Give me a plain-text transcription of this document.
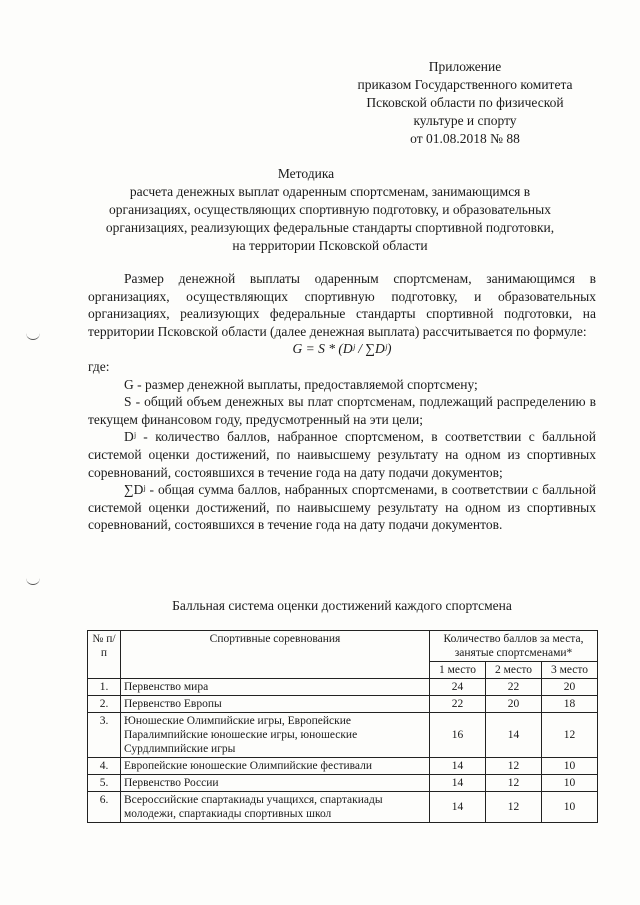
Приложение
приказом Государственного комитета
Псковской области по физической
культуре и спорту
от 01.08.2018 № 88
Методика
расчета денежных выплат одаренным спортсменам, занимающимся в
организациях, осуществляющих спортивную подготовку, и образовательных
организациях, реализующих федеральные стандарты спортивной подготовки,
на территории Псковской области

Размер денежной выплаты одаренным спортсменам, занимающимся в организациях, осуществляющих спортивную подготовку, и образовательных организациях, реализующих федеральные стандарты спортивной подготовки, на территории Псковской области (далее денежная выплата) рассчитывается по формуле:

G = S * (Dʲ / ∑Dʲ)

где:

G - размер денежной выплаты, предоставляемой спортсмену;

S - общий объем денежных вы плат спортсменам, подлежащий распределению в текущем финансовом году, предусмотренный на эти цели;

Dʲ - количество баллов, набранное спортсменом, в соответствии с балльной системой оценки достижений, по наивысшему результату на одном из спортивных соревнований, состоявшихся в течение года на дату подачи документов;

∑Dʲ - общая сумма баллов, набранных спортсменами, в соответствии с балльной системой оценки достижений, по наивысшему результату на одном из спортивных соревнований, состоявшихся в течение года на дату подачи документов.

Балльная система оценки достижений каждого спортсмена
№ п/п	Спортивные соревнования	Количество баллов за места, занятые спортсменами*		
		1 место	2 место	3 место
1.	Первенство мира	24	22	20
2.	Первенство Европы	22	20	18
3.	Юношеские Олимпийские игры, Европейские Паралимпийские юношеские игры, юношеские Сурдлимпийские игры	16	14	12
4.	Европейские юношеские Олимпийские фестивали	14	12	10
5.	Первенство России	14	12	10
6.	Всероссийские спартакиады учащихся, спартакиады молодежи, спартакиады спортивных школ	14	12	10
